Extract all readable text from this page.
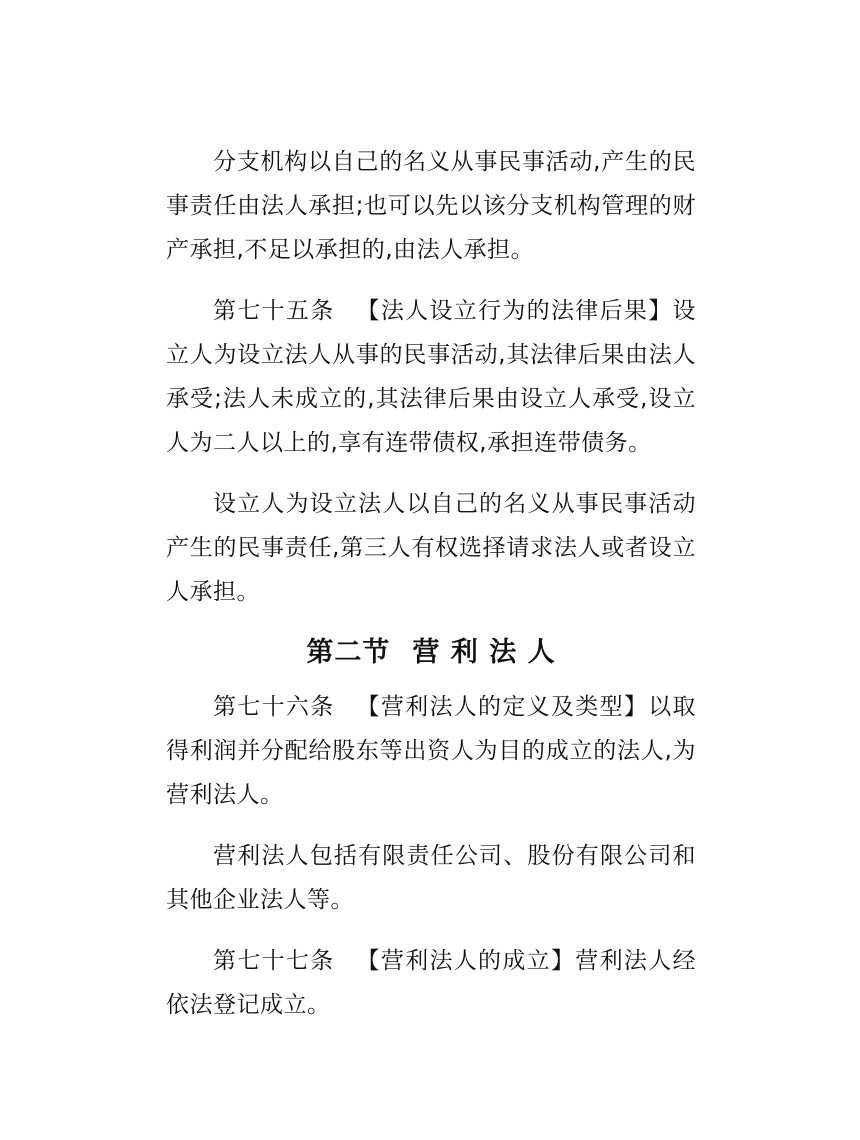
分支机构以自己的名义从事民事活动,产生的民事责任由法人承担;也可以先以该分支机构管理的财产承担,不足以承担的,由法人承担。

第七十五条 【法人设立行为的法律后果】设立人为设立法人从事的民事活动,其法律后果由法人承受;法人未成立的,其法律后果由设立人承受,设立人为二人以上的,享有连带债权,承担连带债务。

设立人为设立法人以自己的名义从事民事活动产生的民事责任,第三人有权选择请求法人或者设立人承担。

第二节 营 利 法 人

第七十六条 【营利法人的定义及类型】以取得利润并分配给股东等出资人为目的成立的法人,为营利法人。

营利法人包括有限责任公司、股份有限公司和其他企业法人等。

第七十七条 【营利法人的成立】营利法人经依法登记成立。
